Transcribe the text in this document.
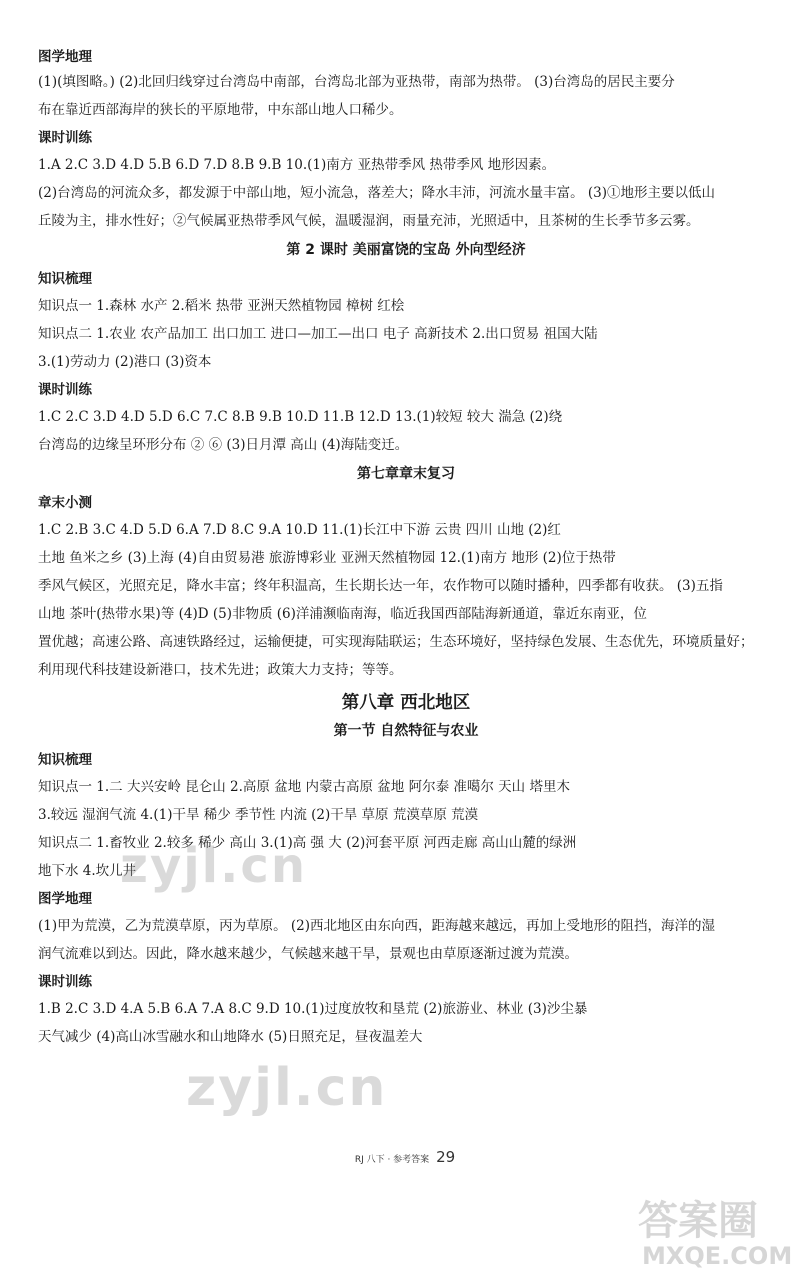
图学地理

(1)(填图略。) (2)北回归线穿过台湾岛中南部，台湾岛北部为亚热带，南部为热带。 (3)台湾岛的居民主要分

布在靠近西部海岸的狭长的平原地带，中东部山地人口稀少。

课时训练

1.A 2.C 3.D 4.D 5.B 6.D 7.D 8.B 9.B 10.(1)南方 亚热带季风 热带季风 地形因素。

(2)台湾岛的河流众多，都发源于中部山地，短小流急，落差大；降水丰沛，河流水量丰富。 (3)①地形主要以低山

丘陵为主，排水性好；②气候属亚热带季风气候，温暖湿润，雨量充沛，光照适中，且茶树的生长季节多云雾。

第 2 课时 美丽富饶的宝岛 外向型经济

知识梳理

知识点一 1.森林 水产 2.稻米 热带 亚洲天然植物园 樟树 红桧

知识点二 1.农业 农产品加工 出口加工 进口—加工—出口 电子 高新技术 2.出口贸易 祖国大陆

3.(1)劳动力 (2)港口 (3)资本

课时训练

1.C 2.C 3.D 4.D 5.D 6.C 7.C 8.B 9.B 10.D 11.B 12.D 13.(1)较短 较大 湍急 (2)绕

台湾岛的边缘呈环形分布 ② ⑥ (3)日月潭 高山 (4)海陆变迁。

第七章章末复习

章末小测

1.C 2.B 3.C 4.D 5.D 6.A 7.D 8.C 9.A 10.D 11.(1)长江中下游 云贵 四川 山地 (2)红

土地 鱼米之乡 (3)上海 (4)自由贸易港 旅游博彩业 亚洲天然植物园 12.(1)南方 地形 (2)位于热带

季风气候区，光照充足，降水丰富；终年积温高，生长期长达一年，农作物可以随时播种，四季都有收获。 (3)五指

山地 茶叶(热带水果)等 (4)D (5)非物质 (6)洋浦濒临南海，临近我国西部陆海新通道，靠近东南亚，位

置优越；高速公路、高速铁路经过，运输便捷，可实现海陆联运；生态环境好，坚持绿色发展、生态优先，环境质量好；

利用现代科技建设新港口，技术先进；政策大力支持；等等。

第八章 西北地区

第一节 自然特征与农业

知识梳理

知识点一 1.二 大兴安岭 昆仑山 2.高原 盆地 内蒙古高原 盆地 阿尔泰 准噶尔 天山 塔里木

3.较远 湿润气流 4.(1)干旱 稀少 季节性 内流 (2)干旱 草原 荒漠草原 荒漠

知识点二 1.畜牧业 2.较多 稀少 高山 3.(1)高 强 大 (2)河套平原 河西走廊 高山山麓的绿洲

地下水 4.坎儿井

图学地理

(1)甲为荒漠，乙为荒漠草原，丙为草原。 (2)西北地区由东向西，距海越来越远，再加上受地形的阻挡，海洋的湿

润气流难以到达。因此，降水越来越少，气候越来越干旱，景观也由草原逐渐过渡为荒漠。

课时训练

1.B 2.C 3.D 4.A 5.B 6.A 7.A 8.C 9.D 10.(1)过度放牧和垦荒 (2)旅游业、林业 (3)沙尘暴

天气减少 (4)高山冰雪融水和山地降水 (5)日照充足，昼夜温差大

RJ 八下 · 参考答案 29
zyjl.cn
zyjl.cn
答案圈
MXQE.COM
